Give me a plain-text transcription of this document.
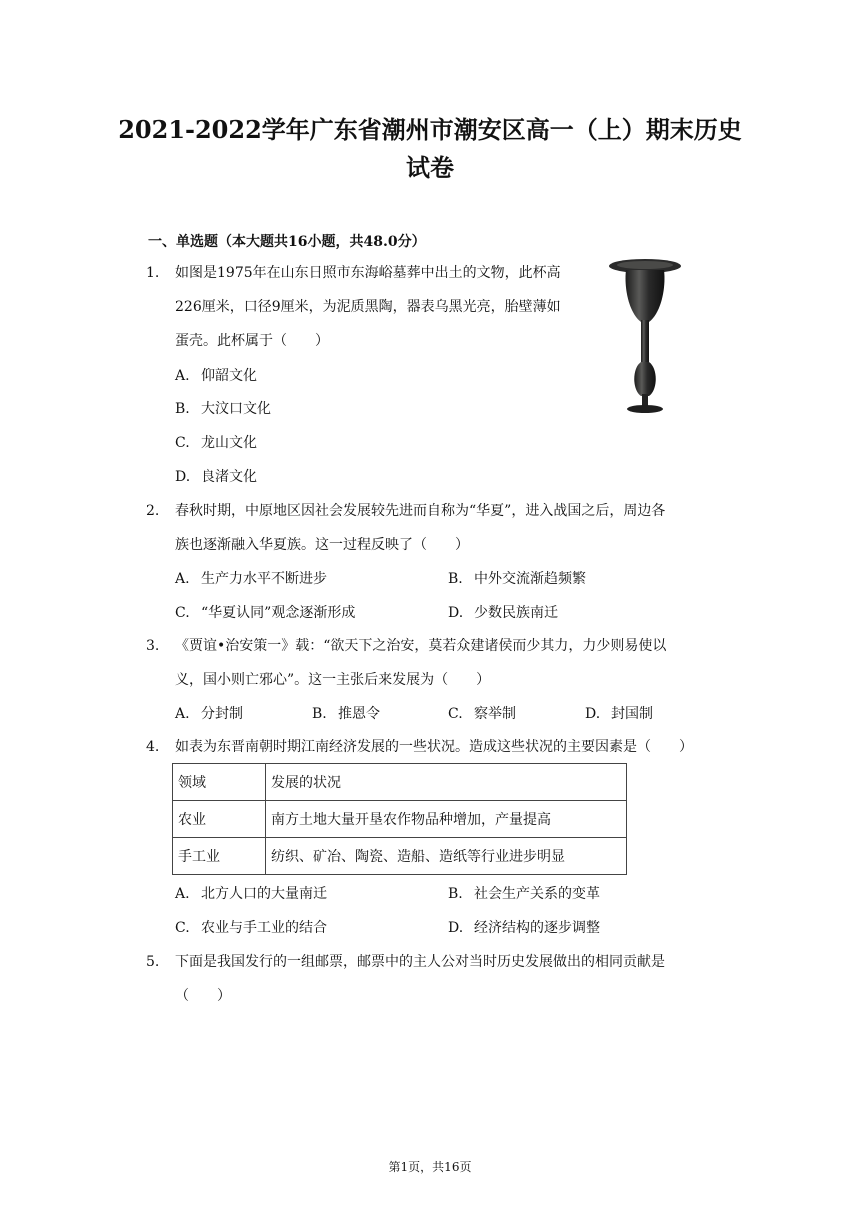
2021-2022学年广东省潮州市潮安区高一（上）期末历史
试卷
一、单选题（本大题共16小题，共48.0分）
1. 如图是1975年在山东日照市东海峪墓葬中出土的文物，此杯高
226厘米，口径9厘米，为泥质黑陶，器表乌黑光亮，胎壁薄如
蛋壳。此杯属于（　　）
A. 仰韶文化
B. 大汶口文化
C. 龙山文化
D. 良渚文化
2. 春秋时期，中原地区因社会发展较先进而自称为“华夏”，进入战国之后，周边各
族也逐渐融入华夏族。这一过程反映了（　　）
A. 生产力水平不断进步	B. 中外交流渐趋频繁
C. “华夏认同”观念逐渐形成	D. 少数民族南迁
3. 《贾谊•治安策一》载：“欲天下之治安，莫若众建诸侯而少其力，力少则易使以
义，国小则亡邪心”。这一主张后来发展为（　　）
A. 分封制	B. 推恩令	C. 察举制	D. 封国制
4. 如表为东晋南朝时期江南经济发展的一些状况。造成这些状况的主要因素是（　　）
领域	发展的状况
农业	南方土地大量开垦农作物品种增加，产量提高
手工业	纺织、矿冶、陶瓷、造船、造纸等行业进步明显
A. 北方人口的大量南迁	B. 社会生产关系的变革
C. 农业与手工业的结合	D. 经济结构的逐步调整
5. 下面是我国发行的一组邮票，邮票中的主人公对当时历史发展做出的相同贡献是
（　　）
第1页，共16页
